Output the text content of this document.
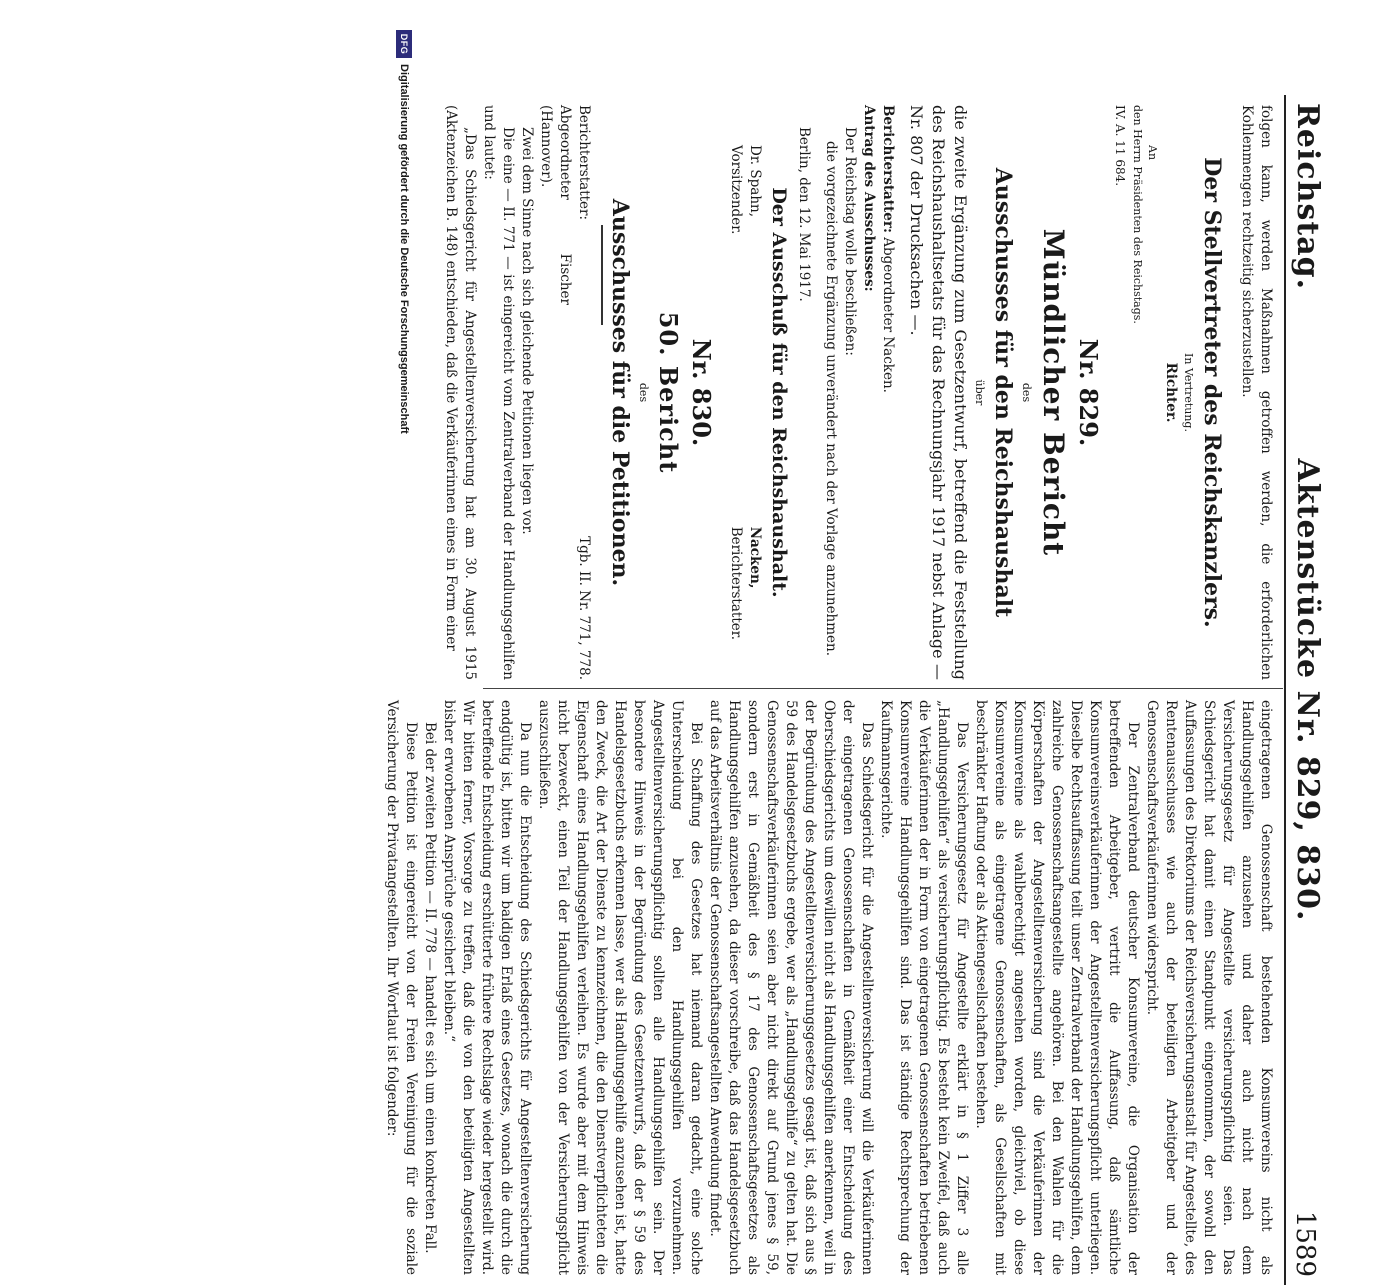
Reichstag.
Aktenstücke Nr. 829, 830.
1589

folgen kann, werden Maßnahmen getroffen werden, die erforderlichen Kohlenmengen rechtzeitig sicherzustellen.

Der Stellvertreter des Reichskanzlers.

In Vertretung.

Richter.

An

den Herrn Präsidenten des Reichstags.

IV. A. 11 684.

Nr. 829.

Mündlicher Bericht

des

Ausschusses für den Reichshaushalt

über

die zweite Ergänzung zum Gesetzentwurf, betreffend die Feststellung des Reichshaushaltsetats für das Rechnungsjahr 1917 nebst Anlage — Nr. 807 der Drucksachen —.

Berichterstatter: Abgeordneter Nacken.

Antrag des Ausschusses:

Der Reichstag wolle beschließen:

die vorgezeichnete Ergänzung unverändert nach der Vorlage anzunehmen.

Berlin, den 12. Mai 1917.

Der Ausschuß für den Reichshaushalt.

Dr. Spahn,
Vorsitzender.
Nacken,
Berichterstatter.

Nr. 830.

50. Bericht

des

Ausschusses für die Petitionen.

Berichterstatter:
Abgeordneter Fischer (Hannover).
Tgb. II. Nr. 771, 778.

Zwei dem Sinne nach sich gleichende Petitionen liegen vor.

Die eine — II. 771 — ist eingereicht vom Zentralverband der Handlungsgehilfen und lautet:

„Das Schiedsgericht für Angestelltenversicherung hat am 30. August 1915 (Aktenzeichen B. 148) entschieden, daß die Verkäuferinnen eines in Form einer

eingetragenen Genossenschaft bestehenden Konsumvereins nicht als Handlungsgehilfen anzusehen und daher auch nicht nach dem Versicherungsgesetz für Angestellte versicherungspflichtig seien. Das Schiedsgericht hat damit einen Standpunkt eingenommen, der sowohl den Auffassungen des Direktoriums der Reichsversicherungsanstalt für Angestellte, des Rentenausschusses wie auch der beteiligten Arbeitgeber und der Genossenschaftsverkäuferinnen widerspricht.

Der Zentralverband deutscher Konsumvereine, die Organisation der betreffenden Arbeitgeber, vertritt die Auffassung, daß sämtliche Konsumvereinsverkäuferinnen der Angestelltenversicherungspflicht unterliegen. Dieselbe Rechtsauffassung teilt unser Zentralverband der Handlungsgehilfen, dem zahlreiche Genossenschaftsangestellte angehören. Bei den Wahlen für die Körperschaften der Angestelltenversicherung sind die Verkäuferinnen der Konsumvereine als wahlberechtigt angesehen worden, gleichviel, ob diese Konsumvereine als eingetragene Genossenschaften, als Gesellschaften mit beschränkter Haftung oder als Aktiengesellschaften bestehen.

Das Versicherungsgesetz für Angestellte erklärt in § 1 Ziffer 3 alle „Handlungsgehilfen“ als versicherungspflichtig. Es besteht kein Zweifel, daß auch die Verkäuferinnen der in Form von eingetragenen Genossenschaften betriebenen Konsumvereine Handlungsgehilfen sind. Das ist ständige Rechtsprechung der Kaufmannsgerichte.

Das Schiedsgericht für die Angestelltenversicherung will die Verkäuferinnen der eingetragenen Genossenschaften in Gemäßheit einer Entscheidung des Oberschiedsgerichts um deswillen nicht als Handlungsgehilfen anerkennen, weil in der Begründung des Angestelltenversicherungsgesetzes gesagt ist, daß sich aus § 59 des Handelsgesetzbuchs ergebe, wer als „Handlungsgehilfe“ zu gelten hat. Die Genossenschaftsverkäuferinnen seien aber nicht direkt auf Grund jenes § 59, sondern erst in Gemäßheit des § 17 des Genossenschaftsgesetzes als Handlungsgehilfen anzusehen, da dieser vorschreibe, daß das Handelsgesetzbuch auf das Arbeitsverhältnis der Genossenschaftsangestellten Anwendung findet.

Bei Schaffung des Gesetzes hat niemand daran gedacht, eine solche Unterscheidung bei den Handlungsgehilfen vorzunehmen. Angestelltenversicherungspflichtig sollten alle Handlungsgehilfen sein. Der besondere Hinweis in der Begründung des Gesetzentwurfs, daß der § 59 des Handelsgesetzbuchs erkennen lasse, wer als Handlungsgehilfe anzusehen ist, hatte den Zweck, die Art der Dienste zu kennzeichnen, die den Dienstverpflichteten die Eigenschaft eines Handlungsgehilfen verleihen. Es wurde aber mit dem Hinweis nicht bezweckt, einen Teil der Handlungsgehilfen von der Versicherungspflicht auszuschließen.

Da nun die Entscheidung des Schiedsgerichts für Angestelltenversicherung endgültig ist, bitten wir um baldigen Erlaß eines Gesetzes, wonach die durch die betreffende Entscheidung erschütterte frühere Rechtslage wieder hergestellt wird. Wir bitten ferner, Vorsorge zu treffen, daß die von den beteiligten Angestellten bisher erworbenen Ansprüche gesichert bleiben.“

Bei der zweiten Petition — II. 778 — handelt es sich um einen konkreten Fall.

Diese Petition ist eingereicht von der Freien Vereinigung für die soziale Versicherung der Privatangestellten. Ihr Wortlaut ist folgender:

DFG
Digitalisierung gefördert durch die Deutsche Forschungsgemeinschaft
